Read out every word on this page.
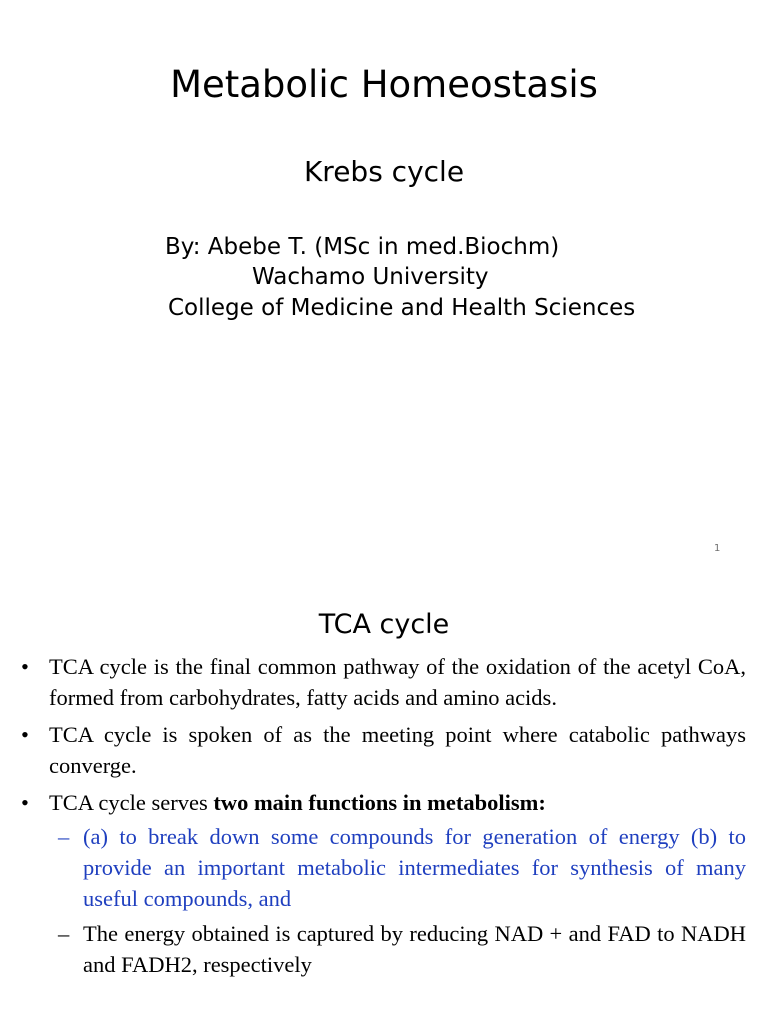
Metabolic Homeostasis
Krebs cycle
By: Abebe T. (MSc in med.Biochm)
Wachamo University
College of Medicine and Health Sciences
1
TCA cycle
• TCA cycle is the final common pathway of the oxidation of the acetyl CoA, formed from carbohydrates, fatty acids and amino acids.
• TCA cycle is spoken of as the meeting point where catabolic pathways converge.
• TCA cycle serves two main functions in metabolism:
– (a) to break down some compounds for generation of energy (b) to provide an important metabolic intermediates for synthesis of many useful compounds, and
– The energy obtained is captured by reducing NAD + and FAD to NADH and FADH2, respectively
